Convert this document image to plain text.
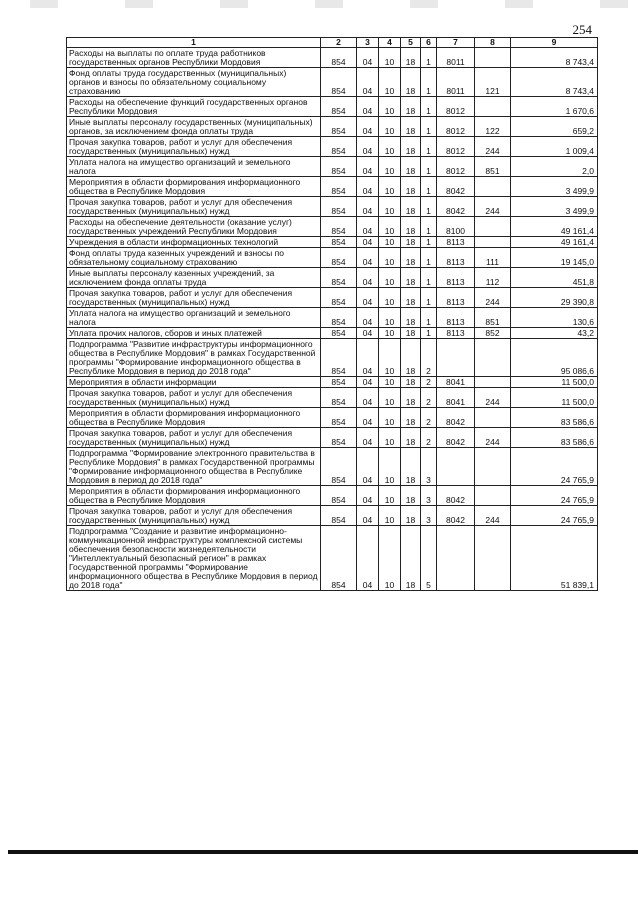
254
1	2	3	4	5	6	7	8	9
Расходы на выплаты по оплате труда работников государственных органов Республики Мордовия	854	04	10	18	1	8011		8 743,4
Фонд оплаты труда государственных (муниципальных) органов и взносы по обязательному социальному страхованию	854	04	10	18	1	8011	121	8 743,4
Расходы на обеспечение функций государственных органов Республики Мордовия	854	04	10	18	1	8012		1 670,6
Иные выплаты персоналу государственных (муниципальных) органов, за исключением фонда оплаты труда	854	04	10	18	1	8012	122	659,2
Прочая закупка товаров, работ и услуг для обеспечения государственных (муниципальных) нужд	854	04	10	18	1	8012	244	1 009,4
Уплата налога на имущество организаций и земельного налога	854	04	10	18	1	8012	851	2,0
Мероприятия в области формирования информационного общества в Республике Мордовия	854	04	10	18	1	8042		3 499,9
Прочая закупка товаров, работ и услуг для обеспечения государственных (муниципальных) нужд	854	04	10	18	1	8042	244	3 499,9
Расходы на обеспечение деятельности (оказание услуг) государственных учреждений Республики Мордовия	854	04	10	18	1	8100		49 161,4
Учреждения в области информационных технологий	854	04	10	18	1	8113		49 161,4
Фонд оплаты труда казенных учреждений и взносы по обязательному социальному страхованию	854	04	10	18	1	8113	111	19 145,0
Иные выплаты персоналу казенных учреждений, за исключением фонда оплаты труда	854	04	10	18	1	8113	112	451,8
Прочая закупка товаров, работ и услуг для обеспечения государственных (муниципальных) нужд	854	04	10	18	1	8113	244	29 390,8
Уплата налога на имущество организаций и земельного налога	854	04	10	18	1	8113	851	130,6
Уплата прочих налогов, сборов и иных платежей	854	04	10	18	1	8113	852	43,2
Подпрограмма "Развитие инфраструктуры информационного общества в Республике Мордовия" в рамках Государственной программы "Формирование информационного общества в Республике Мордовия в период до 2018 года"	854	04	10	18	2			95 086,6
Мероприятия в области информации	854	04	10	18	2	8041		11 500,0
Прочая закупка товаров, работ и услуг для обеспечения государственных (муниципальных) нужд	854	04	10	18	2	8041	244	11 500,0
Мероприятия в области формирования информационного общества в Республике Мордовия	854	04	10	18	2	8042		83 586,6
Прочая закупка товаров, работ и услуг для обеспечения государственных (муниципальных) нужд	854	04	10	18	2	8042	244	83 586,6
Подпрограмма "Формирование электронного правительства в Республике Мордовия" в рамках Государственной программы "Формирование информационного общества в Республике Мордовия в период до 2018 года"	854	04	10	18	3			24 765,9
Мероприятия в области формирования информационного общества в Республике Мордовия	854	04	10	18	3	8042		24 765,9
Прочая закупка товаров, работ и услуг для обеспечения государственных (муниципальных) нужд	854	04	10	18	3	8042	244	24 765,9
Подпрограмма "Создание и развитие информационно-коммуникационной инфраструктуры комплексной системы обеспечения безопасности жизнедеятельности "Интеллектуальный безопасный регион" в рамках Государственной программы "Формирование информационного общества в Республике Мордовия в период до 2018 года"	854	04	10	18	5			51 839,1
